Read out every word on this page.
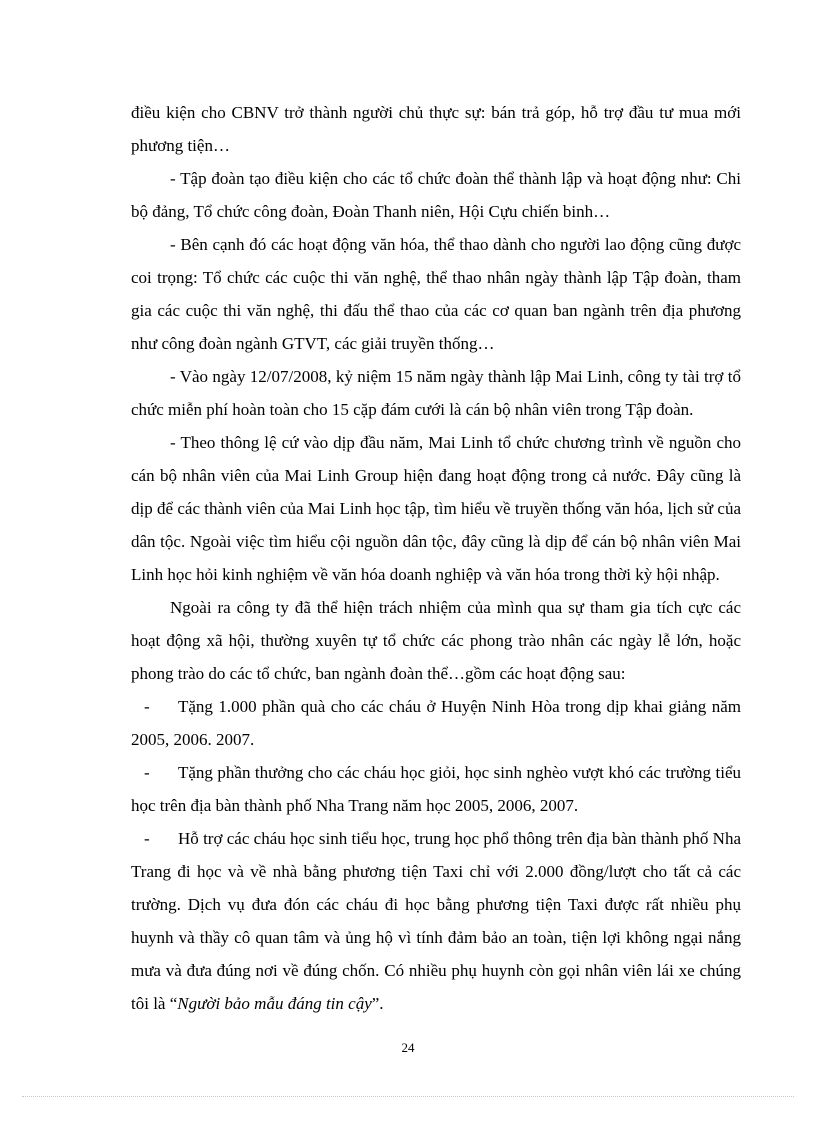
điều kiện cho CBNV trở thành người chủ thực sự: bán trả góp, hỗ trợ đầu tư mua mới phương tiện…

- Tập đoàn tạo điều kiện cho các tổ chức đoàn thể thành lập và hoạt động như: Chi bộ đảng, Tổ chức công đoàn, Đoàn Thanh niên, Hội Cựu chiến binh…

- Bên cạnh đó các hoạt động văn hóa, thể thao dành cho người lao động cũng được coi trọng: Tổ chức các cuộc thi văn nghệ, thể thao nhân ngày thành lập Tập đoàn, tham gia các cuộc thi văn nghệ, thi đấu thể thao của các cơ quan ban ngành trên địa phương như công đoàn ngành GTVT, các giải truyền thống…

- Vào ngày 12/07/2008, kỷ niệm 15 năm ngày thành lập Mai Linh, công ty tài trợ tổ chức miễn phí hoàn toàn cho 15 cặp đám cưới là cán bộ nhân viên trong Tập đoàn.

- Theo thông lệ cứ vào dịp đầu năm, Mai Linh tổ chức chương trình về nguồn cho cán bộ nhân viên của Mai Linh Group hiện đang hoạt động trong cả nước. Đây cũng là dịp để các thành viên của Mai Linh học tập, tìm hiểu về truyền thống văn hóa, lịch sử của dân tộc. Ngoài việc tìm hiểu cội nguồn dân tộc, đây cũng là dịp để cán bộ nhân viên Mai Linh học hỏi kinh nghiệm về văn hóa doanh nghiệp và văn hóa trong thời kỳ hội nhập.

Ngoài ra công ty đã thể hiện trách nhiệm của mình qua sự tham gia tích cực các hoạt động xã hội, thường xuyên tự tổ chức các phong trào nhân các ngày lễ lớn, hoặc phong trào do các tổ chức, ban ngành đoàn thể…gồm các hoạt động sau:

- Tặng 1.000 phần quà cho các cháu ở Huyện Ninh Hòa trong dịp khai giảng năm 2005, 2006. 2007.

- Tặng phần thưởng cho các cháu học giỏi, học sinh nghèo vượt khó các trường tiểu học trên địa bàn thành phố Nha Trang năm học 2005, 2006, 2007.

- Hỗ trợ các cháu học sinh tiểu học, trung học phổ thông trên địa bàn thành phố Nha Trang đi học và về nhà bằng phương tiện Taxi chỉ với 2.000 đồng/lượt cho tất cả các trường. Dịch vụ đưa đón các cháu đi học bằng phương tiện Taxi được rất nhiều phụ huynh và thầy cô quan tâm và ủng hộ vì tính đảm bảo an toàn, tiện lợi không ngại nắng mưa và đưa đúng nơi về đúng chốn. Có nhiều phụ huynh còn gọi nhân viên lái xe chúng tôi là “Người bảo mẫu đáng tin cậy”.

24
